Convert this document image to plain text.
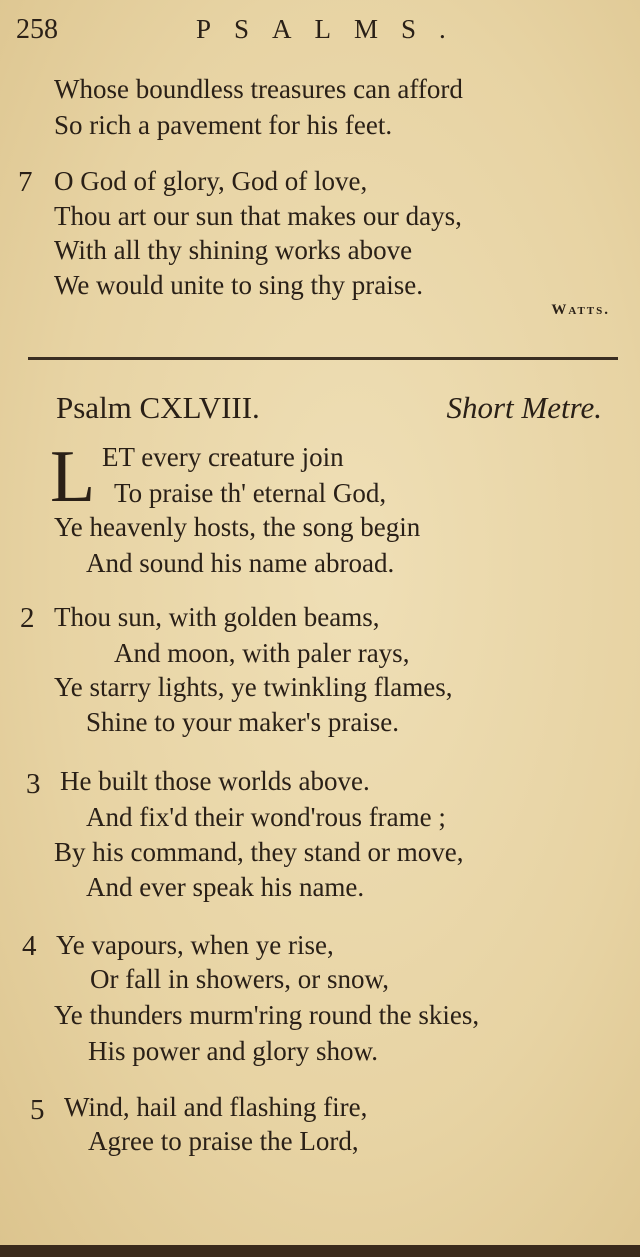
258	PSALMS.
Whose boundless treasures can afford
So rich a pavement for his feet.
7 O God of glory, God of love,
Thou art our sun that makes our days,
With all thy shining works above
We would unite to sing thy praise.
Watts.
Psalm CXLVIII.	Short Metre.
L ET every creature join
To praise th' eternal God,
Ye heavenly hosts, the song begin
And sound his name abroad.
2 Thou sun, with golden beams,
And moon, with paler rays,
Ye starry lights, ye twinkling flames,
Shine to your maker's praise.
3 He built those worlds above.
And fix'd their wond'rous frame ;
By his command, they stand or move,
And ever speak his name.
4 Ye vapours, when ye rise,
Or fall in showers, or snow,
Ye thunders murm'ring round the skies,
His power and glory show.
5 Wind, hail and flashing fire,
Agree to praise the Lord,
